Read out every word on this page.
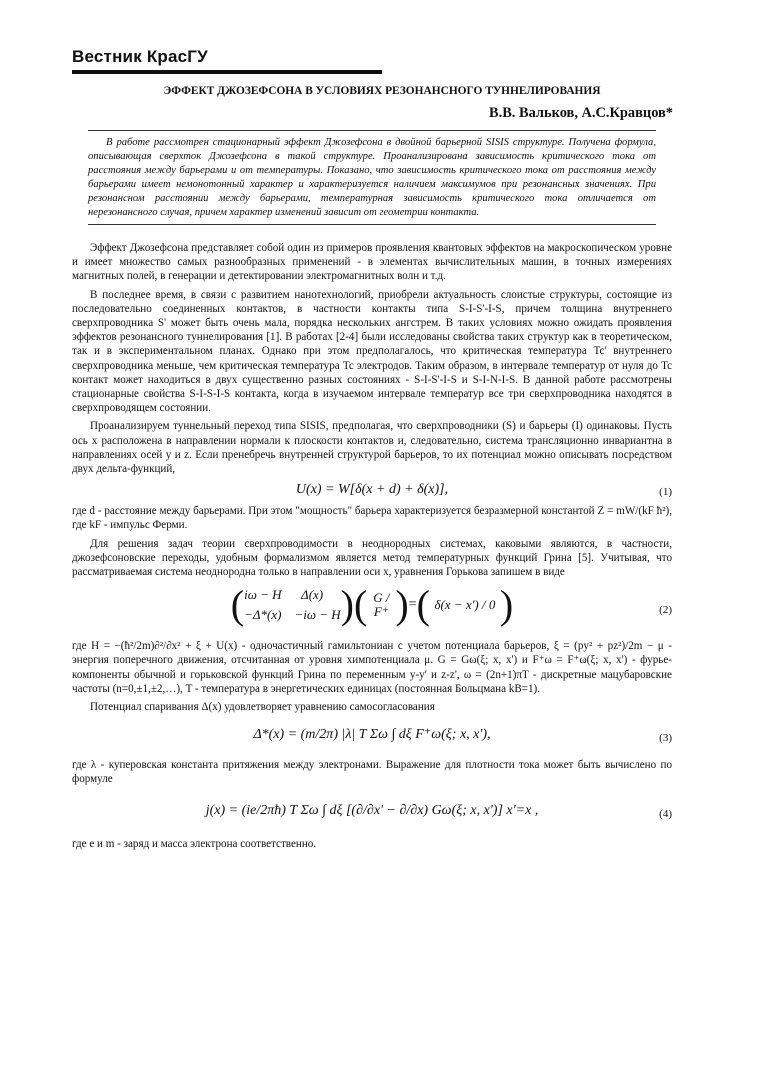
Вестник КрасГУ
ЭФФЕКТ ДЖОЗЕФСОНА В УСЛОВИЯХ РЕЗОНАНСНОГО ТУННЕЛИРОВАНИЯ
В.В. Вальков, А.С.Кравцов*
В работе рассмотрен стационарный эффект Джозефсона в двойной барьерной SISIS структуре. Получена формула, описывающая сверхток Джозефсона в такой структуре. Проанализирована зависимость критического тока от расстояния между барьерами и от температуры. Показано, что зависимость критического тока от расстояния между барьерами имеет немонотонный характер и характеризуется наличием максимумов при резонансных значениях. При резонансном расстоянии между барьерами, температурная зависимость критического тока отличается от нерезонансного случая, причем характер изменений зависит от геометрии контакта.

Эффект Джозефсона представляет собой один из примеров проявления квантовых эффектов на макроскопическом уровне и имеет множество самых разнообразных применений - в элементах вычислительных машин, в точных измерениях магнитных полей, в генерации и детектировании электромагнитных волн и т.д.

В последнее время, в связи с развитием нанотехнологий, приобрели актуальность слоистые структуры, состоящие из последовательно соединенных контактов, в частности контакты типа S-I-S'-I-S, причем толщина внутреннего сверхпроводника S' может быть очень мала, порядка нескольких ангстрем. В таких условиях можно ожидать проявления эффектов резонансного туннелирования [1]. В работах [2-4] были исследованы свойства таких структур как в теоретическом, так и в экспериментальном планах. Однако при этом предполагалось, что критическая температура Tc' внутреннего сверхпроводника меньше, чем критическая температура Tc электродов. Таким образом, в интервале температур от нуля до Tc контакт может находиться в двух существенно разных состояниях - S-I-S'-I-S и S-I-N-I-S. В данной работе рассмотрены стационарные свойства S-I-S-I-S контакта, когда в изучаемом интервале температур все три сверхпроводника находятся в сверхпроводящем состоянии.

Проанализируем туннельный переход типа SISIS, предполагая, что сверхпроводники (S) и барьеры (I) одинаковы. Пусть ось x расположена в направлении нормали к плоскости контактов и, следовательно, система трансляционно инвариантна в направлениях осей y и z. Если пренебречь внутренней структурой барьеров, то их потенциал можно описывать посредством двух дельта-функций,

U(x) = W[δ(x + d) + δ(x)],	(1)

где d - расстояние между барьерами. При этом "мощность" барьера характеризуется безразмерной константой Z = mW/(kF ħ²), где kF - импульс Ферми.

Для решения задач теории сверхпроводимости в неоднородных системах, каковыми являются, в частности, джозефсоновские переходы, удобным формализмом является метод температурных функций Грина [5]. Учитывая, что рассматриваемая система неоднородна только в направлении оси x, уравнения Горькова запишем в виде

( iω − H      Δ(x)
−Δ*(x)    −iω − H )( G / F⁺ )=( δ(x − x') / 0 )	(2)

где H = −(ħ²/2m)∂²/∂x² + ξ + U(x) - одночастичный гамильтониан с учетом потенциала барьеров, ξ = (py² + pz²)/2m − μ - энергия поперечного движения, отсчитанная от уровня химпотенциала μ. G = Gω(ξ; x, x') и F⁺ω = F⁺ω(ξ; x, x') - фурье-компоненты обычной и горьковской функций Грина по переменным y-y' и z-z', ω = (2n+1)πT - дискретные мацубаровские частоты (n=0,±1,±2,…), T - температура в энергетических единицах (постоянная Больцмана kB=1).

Потенциал спаривания Δ(x) удовлетворяет уравнению самосогласования

Δ*(x) = (m/2π) |λ| T Σω ∫ dξ F⁺ω(ξ; x, x'),	(3)

где λ - куперовская константа притяжения между электронами. Выражение для плотности тока может быть вычислено по формуле

j(x) = (ie/2πħ) T Σω ∫ dξ [(∂/∂x' − ∂/∂x) Gω(ξ; x, x')] x'=x ,	(4)

где e и m - заряд и масса электрона соответственно.
